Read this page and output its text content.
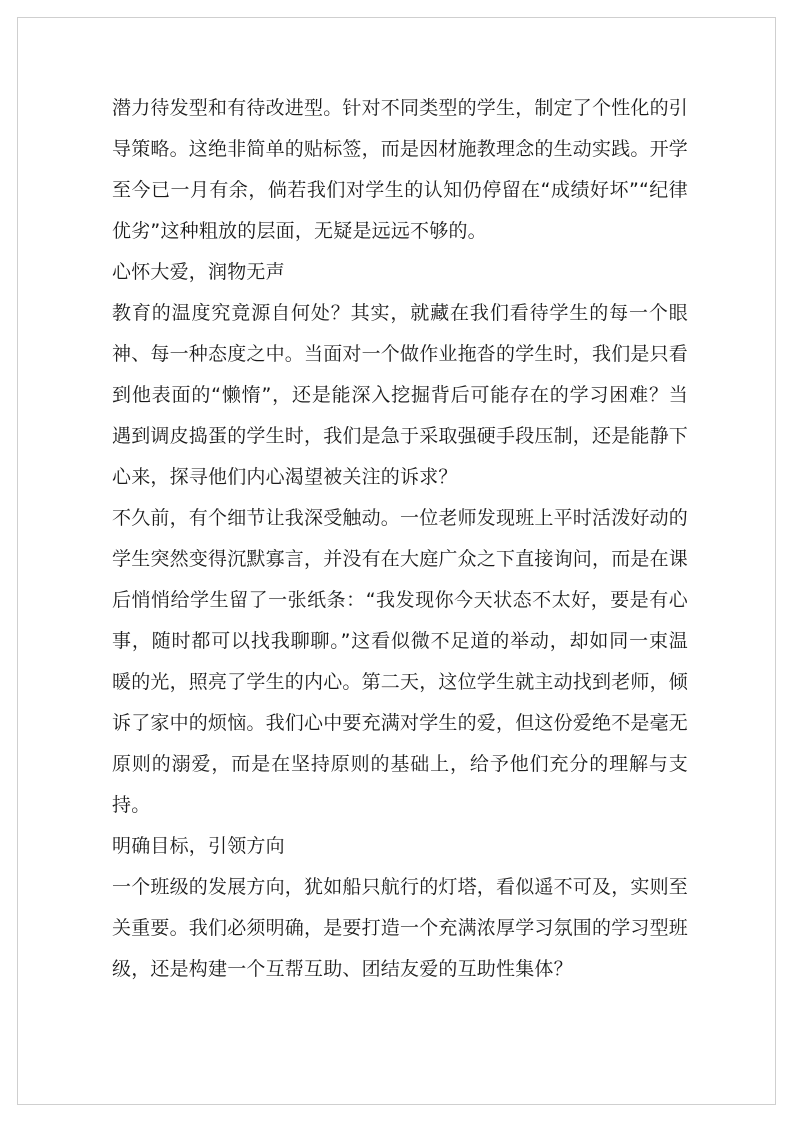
潜力待发型和有待改进型。针对不同类型的学生，制定了个性化的引导策略。这绝非简单的贴标签，而是因材施教理念的生动实践。开学至今已一月有余，倘若我们对学生的认知仍停留在“成绩好坏”“纪律优劣”这种粗放的层面，无疑是远远不够的。

心怀大爱，润物无声

教育的温度究竟源自何处？其实，就藏在我们看待学生的每一个眼神、每一种态度之中。当面对一个做作业拖沓的学生时，我们是只看到他表面的“懒惰”，还是能深入挖掘背后可能存在的学习困难？当遇到调皮捣蛋的学生时，我们是急于采取强硬手段压制，还是能静下心来，探寻他们内心渴望被关注的诉求？

不久前，有个细节让我深受触动。一位老师发现班上平时活泼好动的学生突然变得沉默寡言，并没有在大庭广众之下直接询问，而是在课后悄悄给学生留了一张纸条：“我发现你今天状态不太好，要是有心事，随时都可以找我聊聊。”这看似微不足道的举动，却如同一束温暖的光，照亮了学生的内心。第二天，这位学生就主动找到老师，倾诉了家中的烦恼。我们心中要充满对学生的爱，但这份爱绝不是毫无原则的溺爱，而是在坚持原则的基础上，给予他们充分的理解与支持。

明确目标，引领方向

一个班级的发展方向，犹如船只航行的灯塔，看似遥不可及，实则至关重要。我们必须明确，是要打造一个充满浓厚学习氛围的学习型班级，还是构建一个互帮互助、团结友爱的互助性集体？
